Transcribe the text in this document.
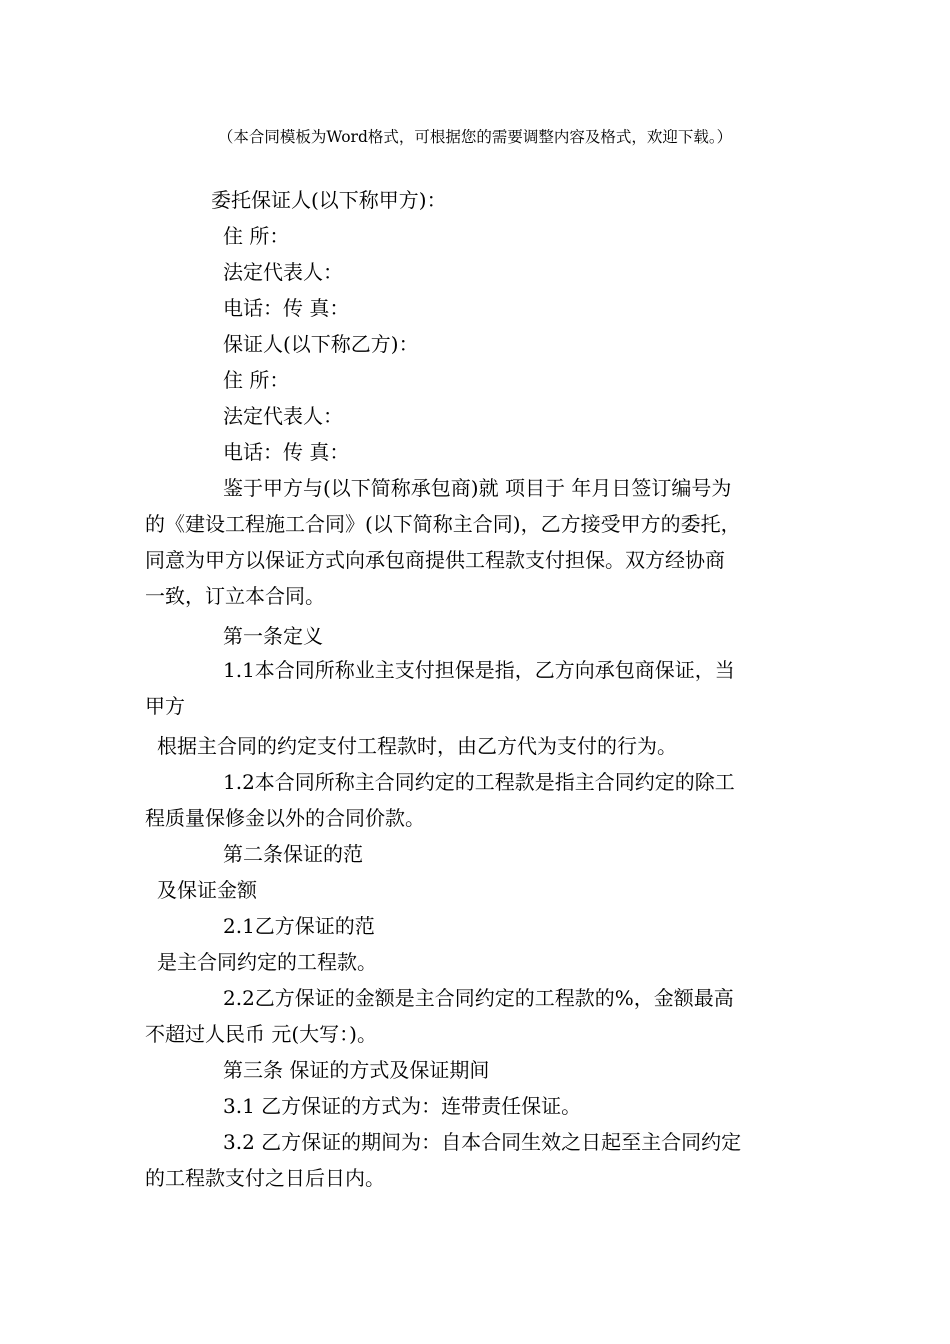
（本合同模板为Word格式，可根据您的需要调整内容及格式，欢迎下载。）
委托保证人(以下称甲方)：
住 所：
法定代表人：
电话：传 真：
保证人(以下称乙方)：
住 所：
法定代表人：
电话：传 真：
鉴于甲方与(以下简称承包商)就 项目于 年月日签订编号为
的《建设工程施工合同》(以下简称主合同)，乙方接受甲方的委托，
同意为甲方以保证方式向承包商提供工程款支付担保。双方经协商
一致，订立本合同。
第一条定义
1.1本合同所称业主支付担保是指，乙方向承包商保证，当
甲方
根据主合同的约定支付工程款时，由乙方代为支付的行为。
1.2本合同所称主合同约定的工程款是指主合同约定的除工
程质量保修金以外的合同价款。
第二条保证的范
及保证金额
2.1乙方保证的范
是主合同约定的工程款。
2.2乙方保证的金额是主合同约定的工程款的%，金额最高
不超过人民币 元(大写：)。
第三条 保证的方式及保证期间
3.1 乙方保证的方式为：连带责任保证。
3.2 乙方保证的期间为：自本合同生效之日起至主合同约定
的工程款支付之日后日内。
